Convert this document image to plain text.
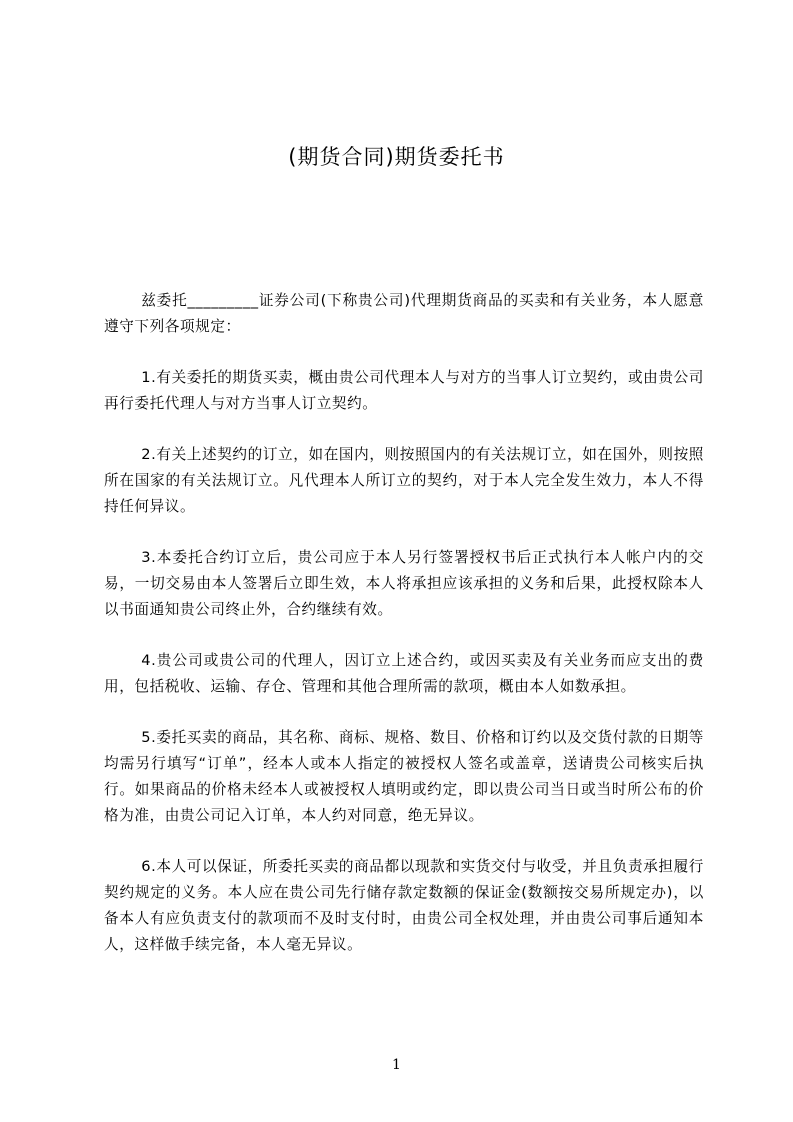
(期货合同)期货委托书

兹委托_________证券公司(下称贵公司)代理期货商品的买卖和有关业务，本人愿意遵守下列各项规定：

1.有关委托的期货买卖，概由贵公司代理本人与对方的当事人订立契约，或由贵公司再行委托代理人与对方当事人订立契约。

2.有关上述契约的订立，如在国内，则按照国内的有关法规订立，如在国外，则按照所在国家的有关法规订立。凡代理本人所订立的契约，对于本人完全发生效力，本人不得持任何异议。

3.本委托合约订立后，贵公司应于本人另行签署授权书后正式执行本人帐户内的交易，一切交易由本人签署后立即生效，本人将承担应该承担的义务和后果，此授权除本人以书面通知贵公司终止外，合约继续有效。

4.贵公司或贵公司的代理人，因订立上述合约，或因买卖及有关业务而应支出的费用，包括税收、运输、存仓、管理和其他合理所需的款项，概由本人如数承担。

5.委托买卖的商品，其名称、商标、规格、数目、价格和订约以及交货付款的日期等均需另行填写“订单”，经本人或本人指定的被授权人签名或盖章，送请贵公司核实后执行。如果商品的价格未经本人或被授权人填明或约定，即以贵公司当日或当时所公布的价格为准，由贵公司记入订单，本人约对同意，绝无异议。

6.本人可以保证，所委托买卖的商品都以现款和实货交付与收受，并且负责承担履行契约规定的义务。本人应在贵公司先行储存款定数额的保证金(数额按交易所规定办)，以备本人有应负责支付的款项而不及时支付时，由贵公司全权处理，并由贵公司事后通知本人，这样做手续完备，本人毫无异议。

1
